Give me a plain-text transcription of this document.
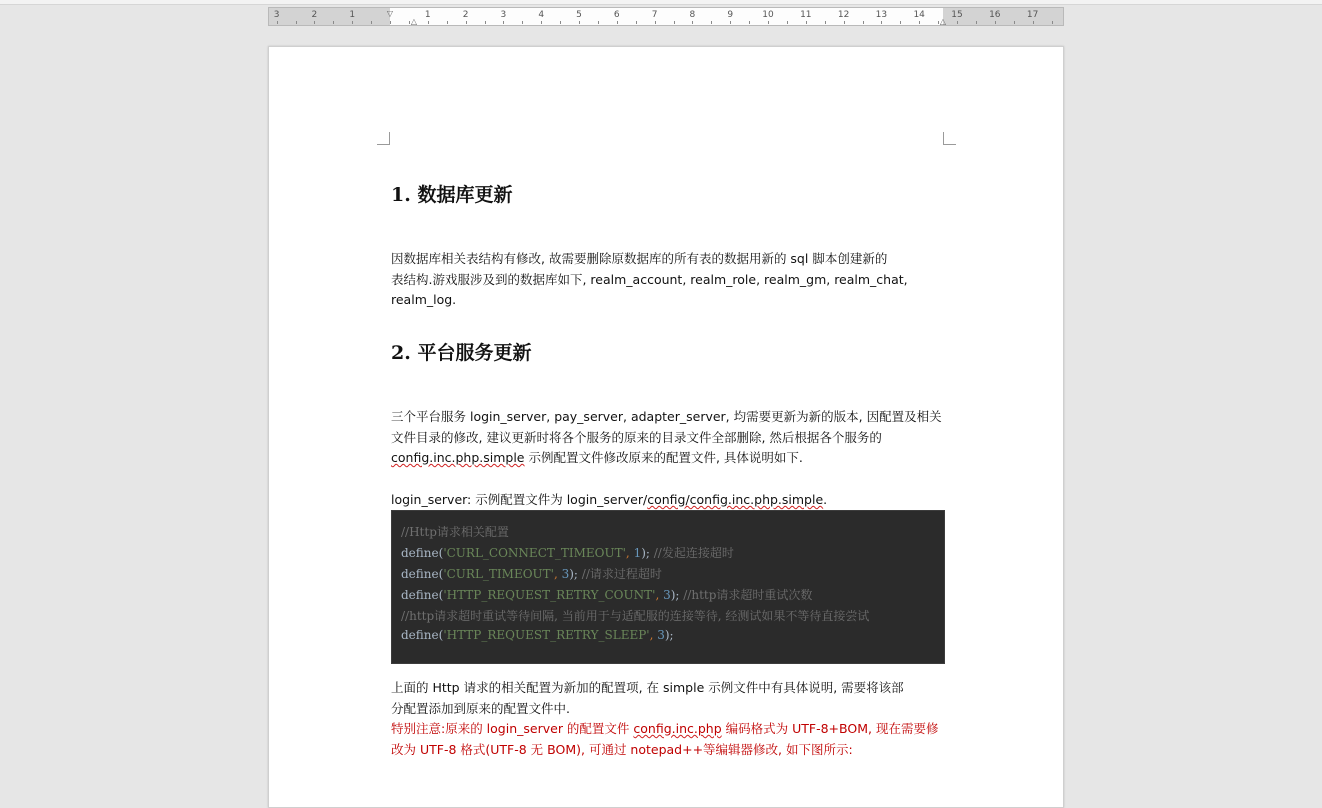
3	2	1	1	2	3	4	5	6	7	8	9	10	11	12	13	14	15	16	17
▽
△	△
1. 数据库更新
因数据库相关表结构有修改, 故需要删除原数据库的所有表的数据用新的 sql 脚本创建新的
表结构.游戏服涉及到的数据库如下, realm_account, realm_role, realm_gm, realm_chat,
realm_log.
2. 平台服务更新
三个平台服务 login_server, pay_server, adapter_server, 均需要更新为新的版本, 因配置及相关
文件目录的修改, 建议更新时将各个服务的原来的目录文件全部删除, 然后根据各个服务的
config.inc.php.simple 示例配置文件修改原来的配置文件, 具体说明如下.
login_server: 示例配置文件为 login_server/config/config.inc.php.simple.
//Http请求相关配置
define('CURL_CONNECT_TIMEOUT', 1); //发起连接超时
define('CURL_TIMEOUT', 3); //请求过程超时
define('HTTP_REQUEST_RETRY_COUNT', 3); //http请求超时重试次数
//http请求超时重试等待间隔, 当前用于与适配服的连接等待, 经测试如果不等待直接尝试
define('HTTP_REQUEST_RETRY_SLEEP', 3);
上面的 Http 请求的相关配置为新加的配置项, 在 simple 示例文件中有具体说明, 需要将该部
分配置添加到原来的配置文件中.
特别注意:原来的 login_server 的配置文件 config.inc.php 编码格式为 UTF-8+BOM, 现在需要修
改为 UTF-8 格式(UTF-8 无 BOM), 可通过 notepad++等编辑器修改, 如下图所示:
